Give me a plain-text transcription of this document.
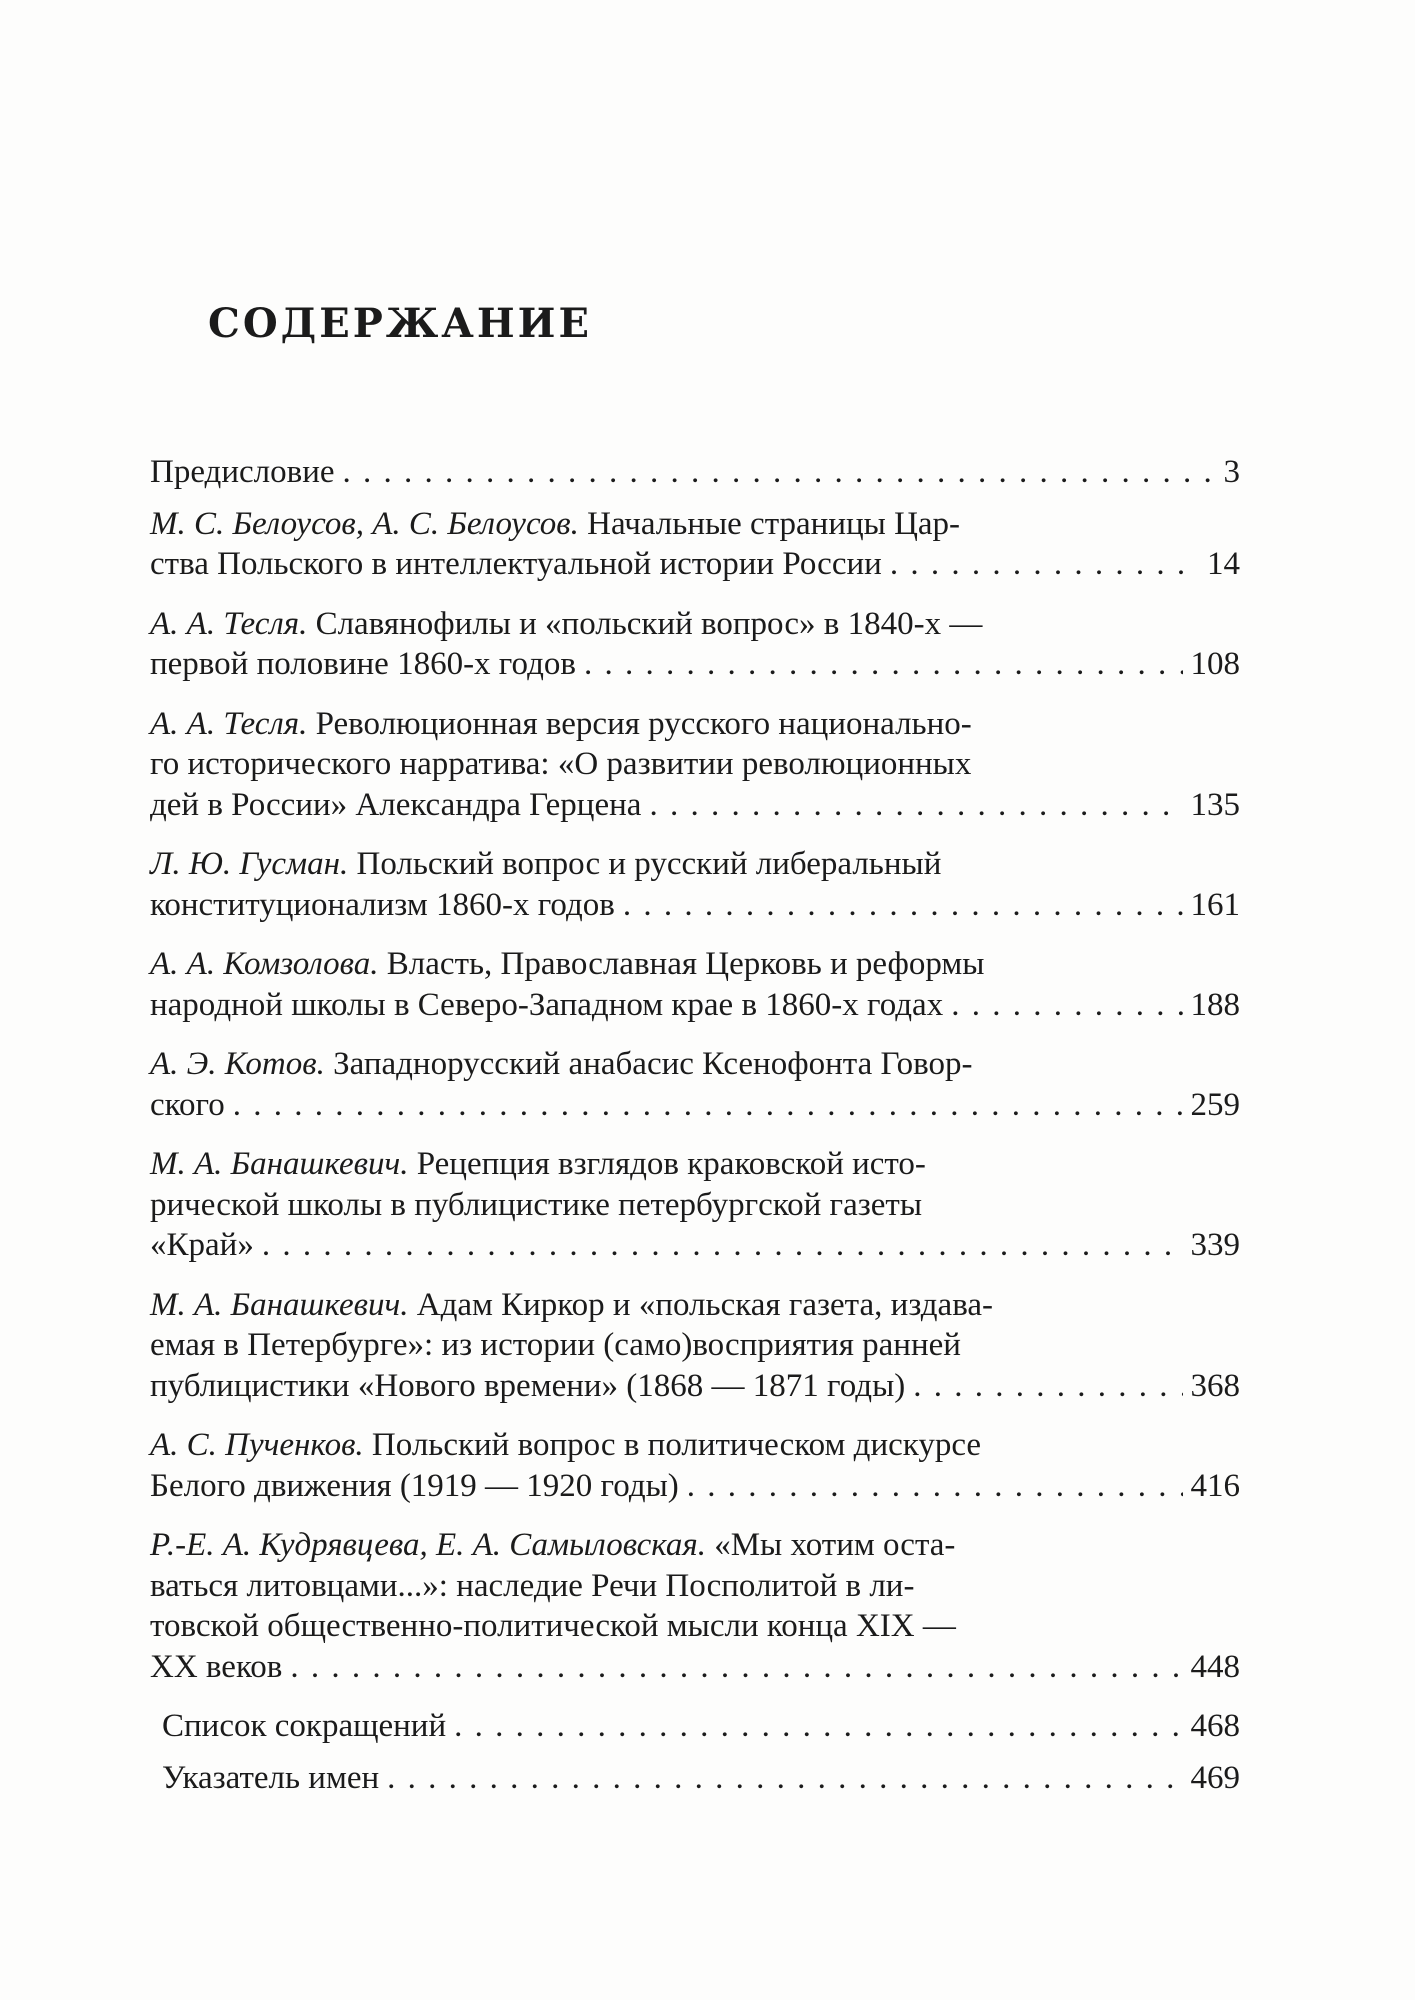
СОДЕРЖАНИЕ
Предисловие . . .	3
М. С. Белоусов, А. С. Белоусов. Начальные страницы Цар-
ства Польского в интеллектуальной истории России . . .	14
А. А. Тесля. Славянофилы и «польский вопрос» в 1840-х —
первой половине 1860-х годов . . .	108
А. А. Тесля. Революционная версия русского национально-
го исторического нарратива: «О развитии революционных
дей в России» Александра Герцена . . .	135
Л. Ю. Гусман. Польский вопрос и русский либеральный
конституционализм 1860-х годов . . .	161
А. А. Комзолова. Власть, Православная Церковь и реформы
народной школы в Северо-Западном крае в 1860-х годах . . .	188
А. Э. Котов. Западнорусский анабасис Ксенофонта Говор-
ского . . .	259
М. А. Банашкевич. Рецепция взглядов краковской исто-
рической школы в публицистике петербургской газеты
«Край» . . .	339
М. А. Банашкевич. Адам Киркор и «польская газета, издава-
емая в Петербурге»: из истории (само)восприятия ранней
публицистики «Нового времени» (1868 — 1871 годы) . . .	368
А. С. Пученков. Польский вопрос в политическом дискурсе
Белого движения (1919 — 1920 годы) . . .	416
Р.-Е. А. Кудрявцева, Е. А. Самыловская. «Мы хотим оста-
ваться литовцами...»: наследие Речи Посполитой в ли-
товской общественно-политической мысли конца XIX —
XX веков . . .	448
Список сокращений . . .	468
Указатель имен . . .	469
